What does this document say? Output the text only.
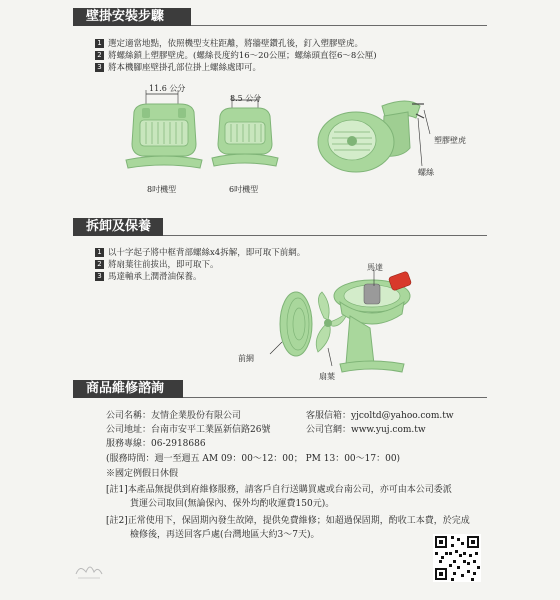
壁掛安裝步驟
1 選定適當地點，依照機型支柱距離，將牆壁鑽孔後，釘入塑膠壁虎。
2 將螺絲鎖上塑膠壁虎。(螺絲長度約16～20公厘；螺絲頭直徑6～8公厘)
3 將本機腳座壁掛孔部位掛上螺絲處即可。
11.6 公分
8吋機型
8.5 公分
6吋機型
塑膠壁虎
螺絲
拆卸及保養
1 以十字起子將中框背部螺絲x4拆解，即可取下前網。
2 將扇葉往前拔出，即可取下。
3 馬達軸承上潤滑油保養。
馬達
前網
扇葉
商品維修諮詢
公司名稱：友情企業股份有限公司	客服信箱：yjcoltd@yahoo.com.tw
公司地址：台南市安平工業區新信路26號	公司官網：www.yuj.com.tw
服務專線：06-2918686
(服務時間：週一至週五 AM 09：00～12：00； PM 13：00～17：00)
※國定例假日休假
[註1]本產品無提供到府維修服務，請客戶自行送購買處或台南公司，亦可由本公司委派
貨運公司取回(無論保內、保外均酌收運費150元)。
[註2]正常使用下，保固期內發生故障，提供免費維修；如超過保固期，酌收工本費，於完成
檢修後，再送回客戶處(台灣地區大約3～7天)。
